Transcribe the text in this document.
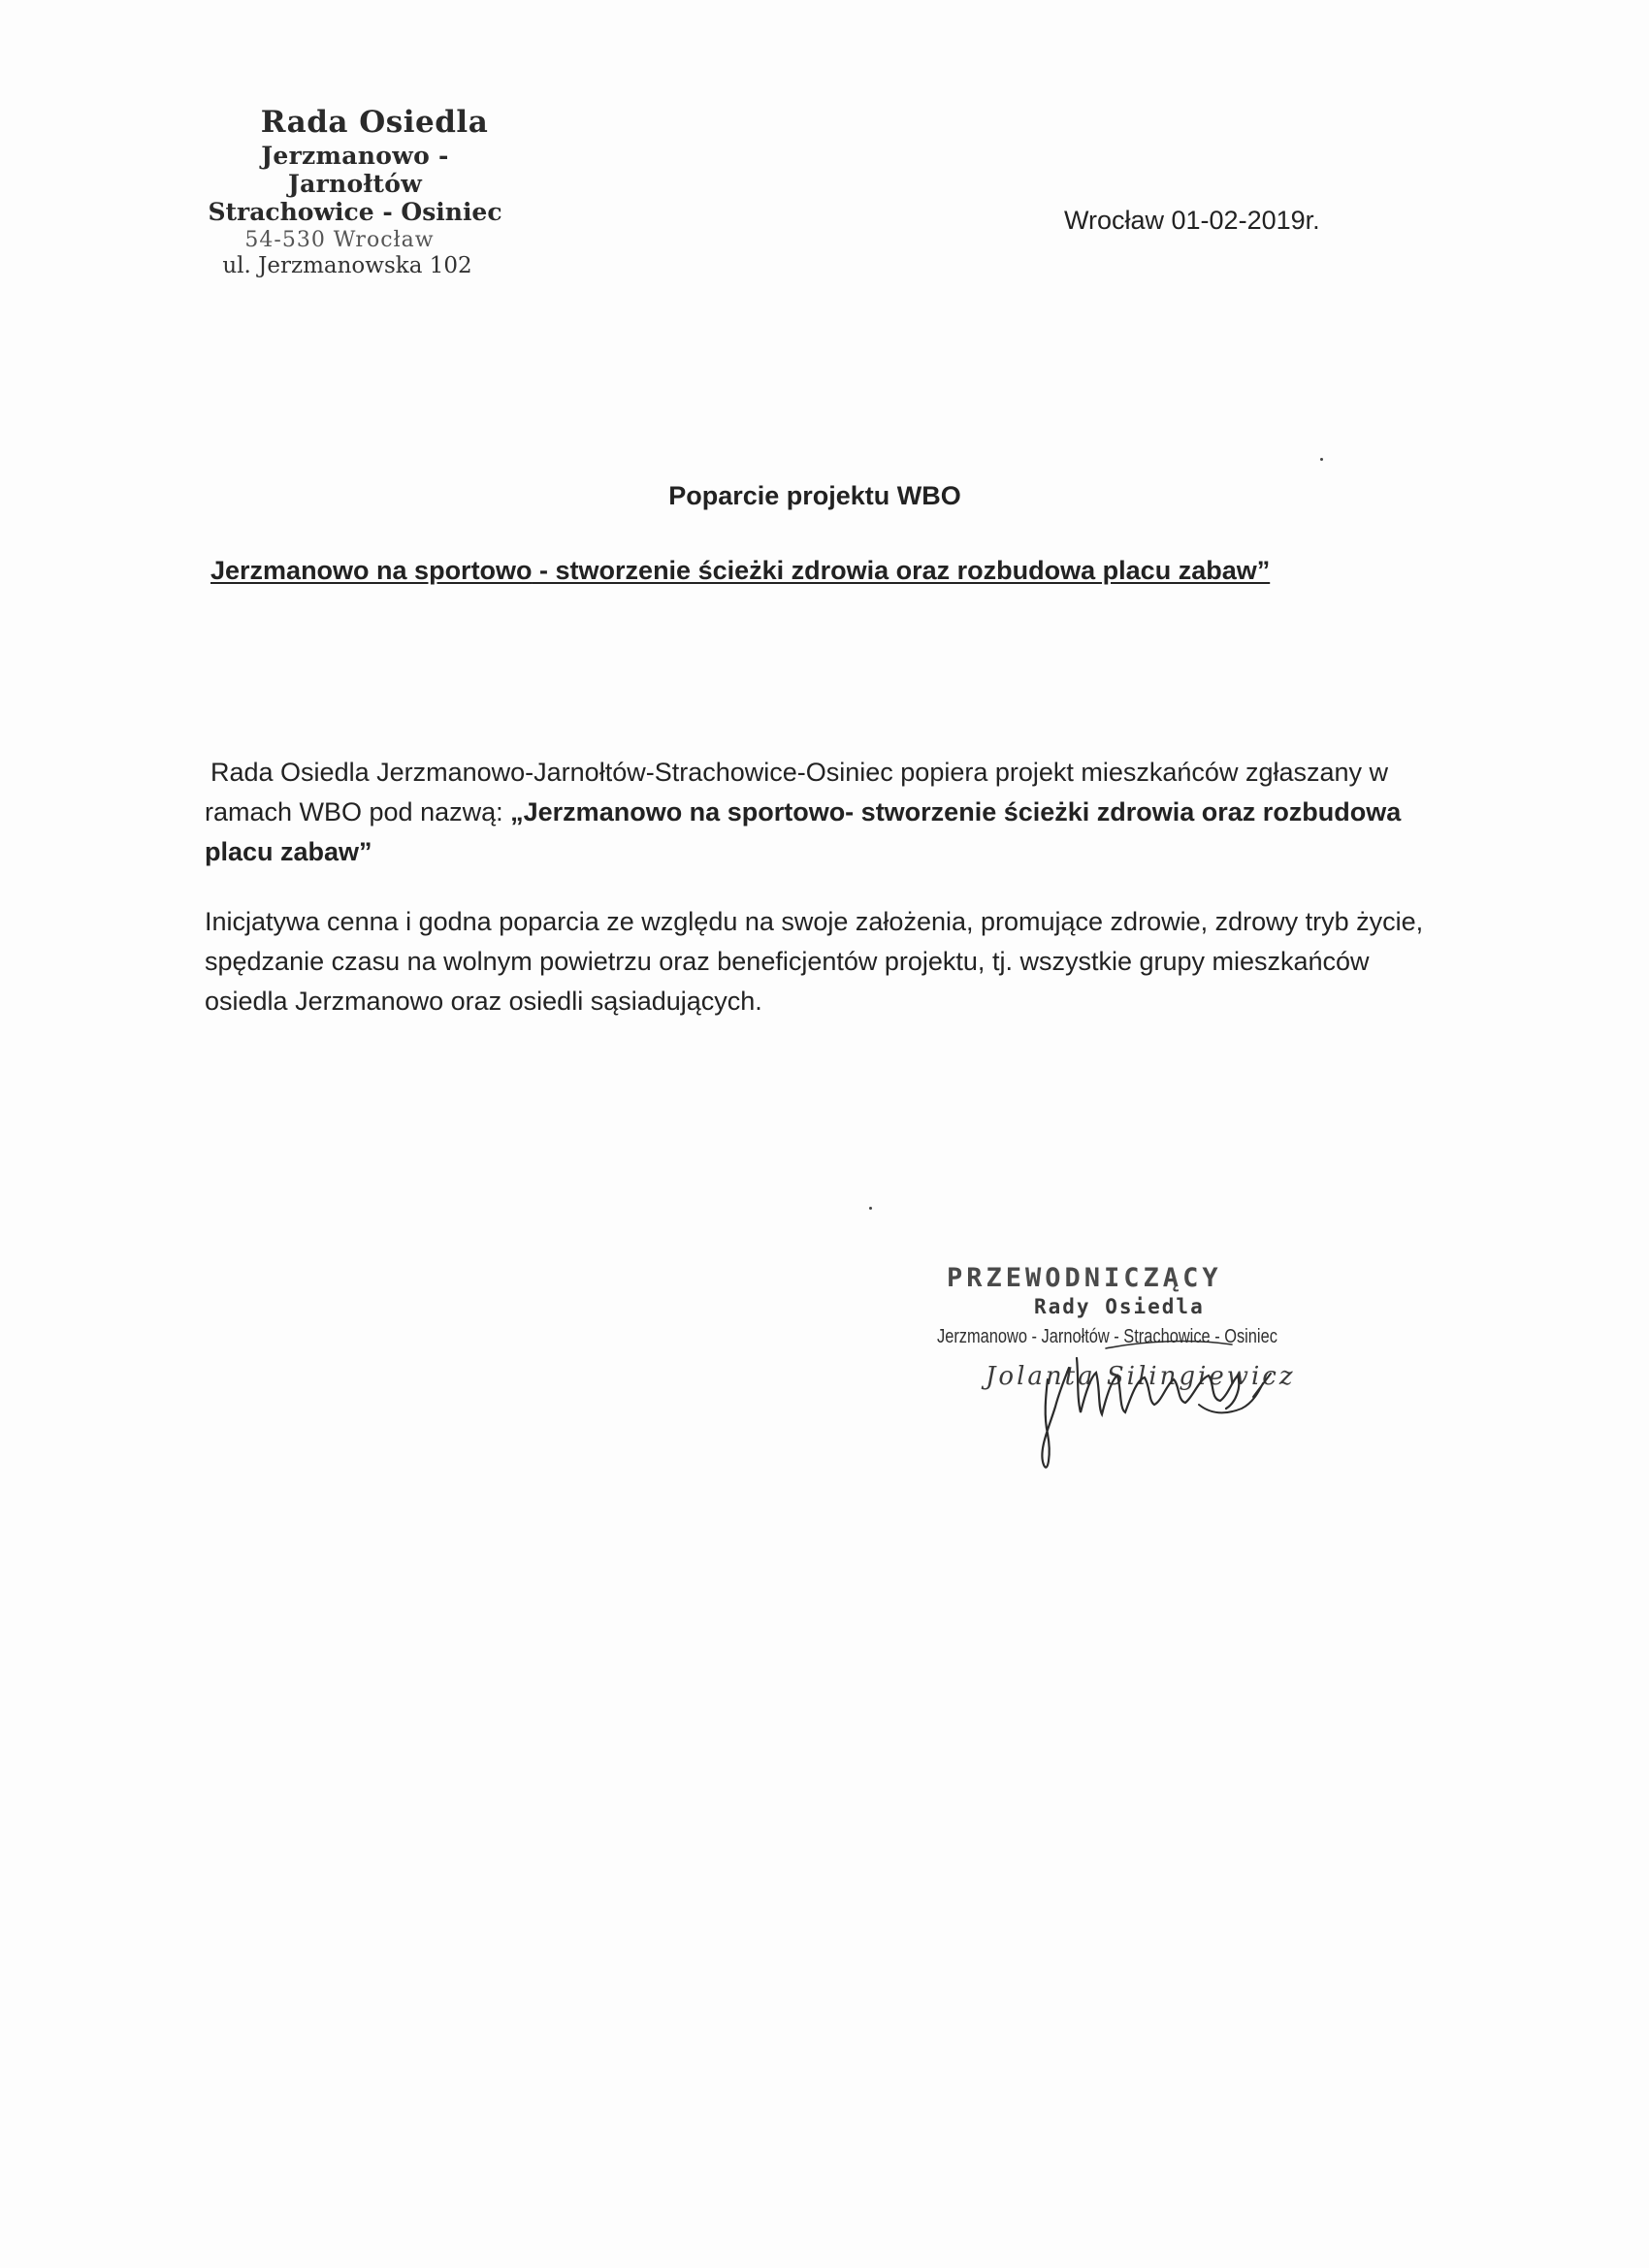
Rada Osiedla
Jerzmanowo - Jarnołtów
Strachowice - Osiniec
54-530 Wrocław
ul. Jerzmanowska 102
Wrocław 01-02-2019r.
Poparcie projektu WBO
Jerzmanowo na sportowo - stworzenie ścieżki zdrowia oraz rozbudowa placu zabaw”
Rada Osiedla Jerzmanowo-Jarnołtów-Strachowice-Osiniec popiera projekt mieszkańców zgłaszany w ramach WBO pod nazwą: „Jerzmanowo na sportowo- stworzenie ścieżki zdrowia oraz rozbudowa placu zabaw”
Inicjatywa cenna i godna poparcia ze względu na swoje założenia, promujące zdrowie, zdrowy tryb życie, spędzanie czasu na wolnym powietrzu oraz beneficjentów projektu, tj. wszystkie grupy mieszkańców osiedla Jerzmanowo oraz osiedli sąsiadujących.
PRZEWODNICZĄCY
Rady Osiedla
Jerzmanowo - Jarnołtów - Strachowice - Osiniec
Jolanta Silingiewicz
